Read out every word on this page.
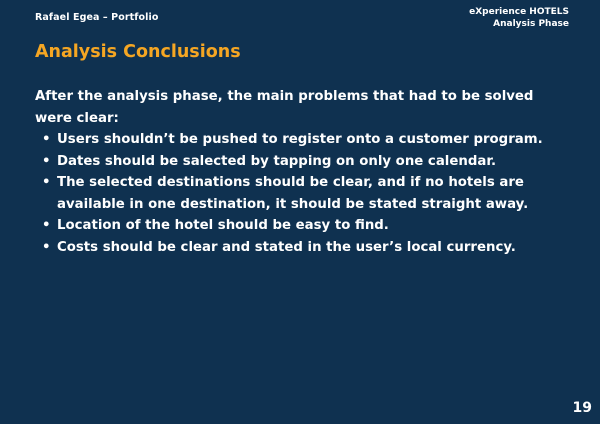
Rafael Egea – Portfolio	eXperience HOTELS
Analysis Phase
Analysis Conclusions

After the analysis phase, the main problems that had to be solved were clear:

• Users shouldn’t be pushed to register onto a customer program.
• Dates should be salected by tapping on only one calendar.
• The selected destinations should be clear, and if no hotels are available in one destination, it should be stated straight away.
• Location of the hotel should be easy to find.
• Costs should be clear and stated in the user’s local currency.
19
